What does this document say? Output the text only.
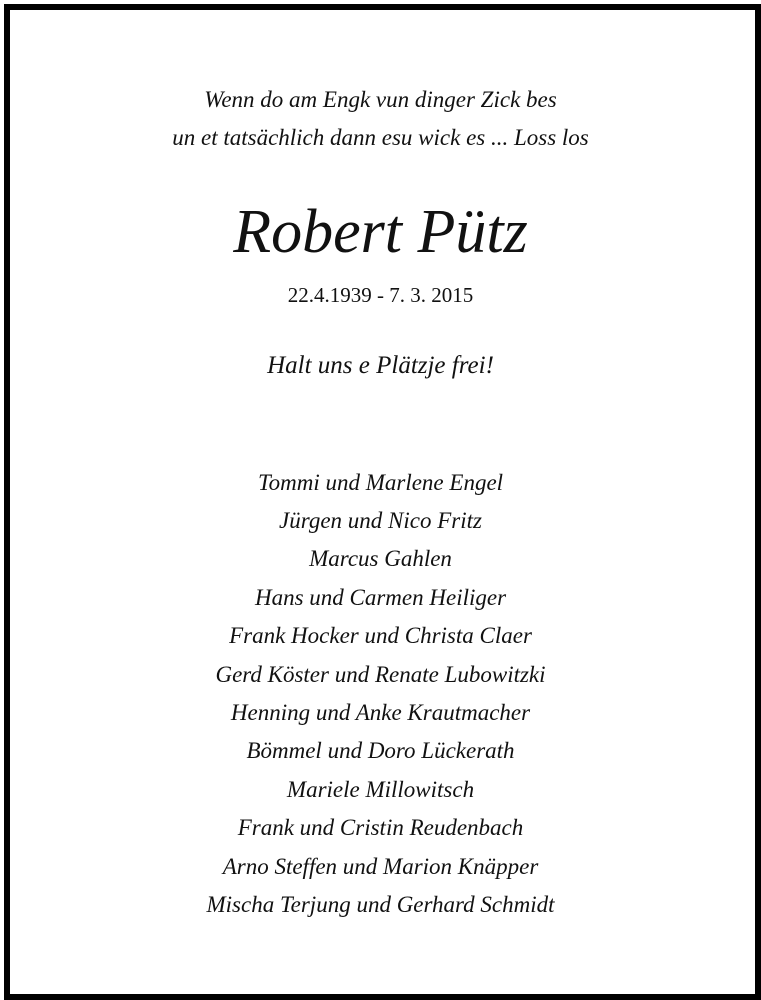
Wenn do am Engk vun dinger Zick bes
un et tatsächlich dann esu wick es ... Loss los
Robert Pütz
22.4.1939 - 7. 3. 2015
Halt uns e Plätzje frei!
Tommi und Marlene Engel
Jürgen und Nico Fritz
Marcus Gahlen
Hans und Carmen Heiliger
Frank Hocker und Christa Claer
Gerd Köster und Renate Lubowitzki
Henning und Anke Krautmacher
Bömmel und Doro Lückerath
Mariele Millowitsch
Frank und Cristin Reudenbach
Arno Steffen und Marion Knäpper
Mischa Terjung und Gerhard Schmidt
